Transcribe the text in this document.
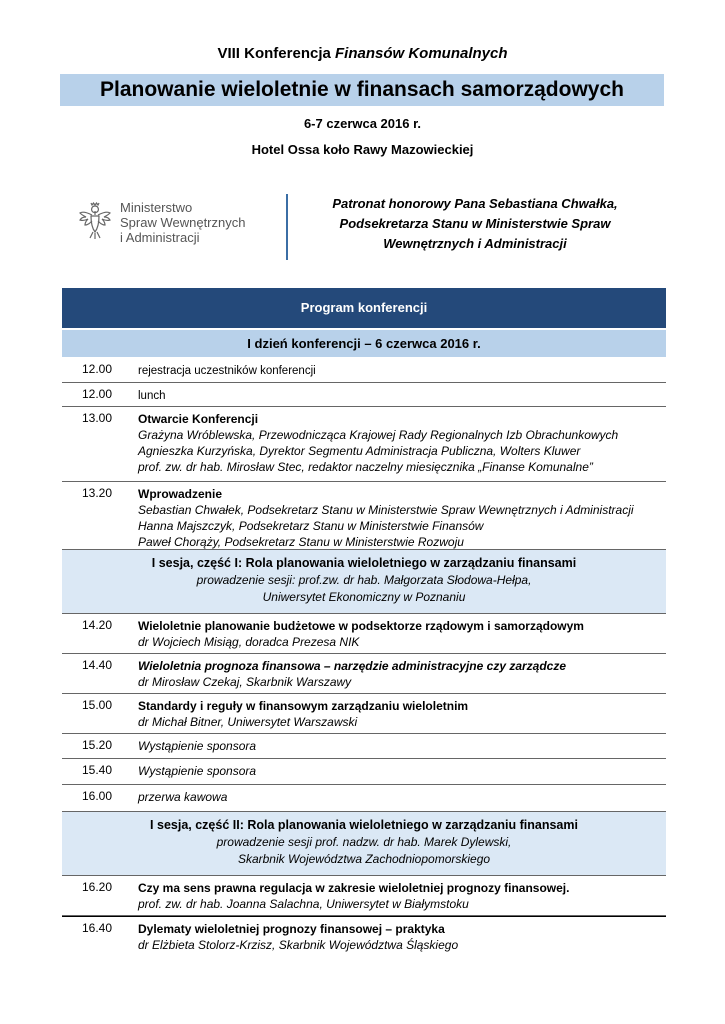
VIII Konferencja Finansów Komunalnych
Planowanie wieloletnie w finansach samorządowych
6-7 czerwca 2016 r.
Hotel Ossa koło Rawy Mazowieckiej
Ministerstwo
Spraw Wewnętrznych
i Administracji
Patronat honorowy Pana Sebastiana Chwałka,
Podsekretarza Stanu w Ministerstwie Spraw
Wewnętrznych i Administracji
Program konferencji
I dzień konferencji – 6 czerwca 2016 r.
12.00 rejestracja uczestników konferencji
12.00 lunch
13.00 Otwarcie Konferencji
Grażyna Wróblewska, Przewodnicząca Krajowej Rady Regionalnych Izb Obrachunkowych
Agnieszka Kurzyńska, Dyrektor Segmentu Administracja Publiczna, Wolters Kluwer
prof. zw. dr hab. Mirosław Stec, redaktor naczelny miesięcznika „Finanse Komunalne”
13.20 Wprowadzenie
Sebastian Chwałek, Podsekretarz Stanu w Ministerstwie Spraw Wewnętrznych i Administracji
Hanna Majszczyk, Podsekretarz Stanu w Ministerstwie Finansów
Paweł Chorąży, Podsekretarz Stanu w Ministerstwie Rozwoju
I sesja, część I: Rola planowania wieloletniego w zarządzaniu finansami
prowadzenie sesji: prof.zw. dr hab. Małgorzata Słodowa-Hełpa,
Uniwersytet Ekonomiczny w Poznaniu
14.20 Wieloletnie planowanie budżetowe w podsektorze rządowym i samorządowym
dr Wojciech Misiąg, doradca Prezesa NIK
14.40 Wieloletnia prognoza finansowa – narzędzie administracyjne czy zarządcze
dr Mirosław Czekaj, Skarbnik Warszawy
15.00 Standardy i reguły w finansowym zarządzaniu wieloletnim
dr Michał Bitner, Uniwersytet Warszawski
15.20 Wystąpienie sponsora
15.40 Wystąpienie sponsora
16.00 przerwa kawowa
I sesja, część II: Rola planowania wieloletniego w zarządzaniu finansami
prowadzenie sesji prof. nadzw. dr hab. Marek Dylewski,
Skarbnik Województwa Zachodniopomorskiego
16.20 Czy ma sens prawna regulacja w zakresie wieloletniej prognozy finansowej.
prof. zw. dr hab. Joanna Salachna, Uniwersytet w Białymstoku
16.40 Dylematy wieloletniej prognozy finansowej – praktyka
dr Elżbieta Stolorz-Krzisz, Skarbnik Województwa Śląskiego
